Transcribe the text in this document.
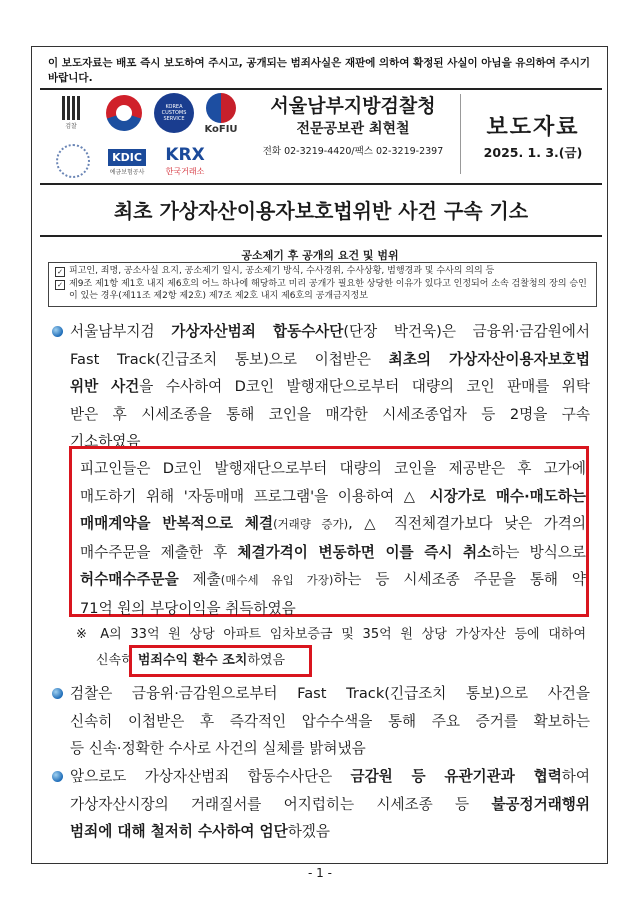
이 보도자료는 배포 즉시 보도하여 주시고, 공개되는 범죄사실은 재판에 의하여 확정된 사실이 아님을 유의하여 주시기 바랍니다.
검찰
KOREA CUSTOMS SERVICE
KoFIU
KDIC
예금보험공사
KRX
한국거래소
서울남부지방검찰청
전문공보관 최현철
전화 02-3219-4420/팩스 02-3219-2397
보도자료
2025. 1. 3.(금)
최초 가상자산이용자보호법위반 사건 구속 기소
공소제기 후 공개의 요건 및 범위
✓ 피고인, 죄명, 공소사실 요지, 공소제기 일시, 공소제기 방식, 수사경위, 수사상황, 범행경과 및 수사의 의의 등
✓ 제9조 제1항 제1호 내지 제6호의 어느 하나에 해당하고 미리 공개가 필요한 상당한 이유가 있다고 인정되어 소속 검찰청의 장의 승인이 있는 경우(제11조 제2항 제2호) 제7조 제2호 내지 제6호의 공개금지정보
서울남부지검 가상자산범죄 합동수사단(단장 박건욱)은 금융위·금감원에서
Fast Track(긴급조치 통보)으로 이첩받은 최초의 가상자산이용자보호법
위반 사건을 수사하여 D코인 발행재단으로부터 대량의 코인 판매를 위탁
받은 후 시세조종을 통해 코인을 매각한 시세조종업자 등 2명을 구속
기소하였음
피고인들은 D코인 발행재단으로부터 대량의 코인을 제공받은 후 고가에
매도하기 위해 '자동매매 프로그램'을 이용하여 △ 시장가로 매수·매도하는
매매계약을 반복적으로 체결(거래량 증가), △ 직전체결가보다 낮은 가격의
매수주문을 제출한 후 체결가격이 변동하면 이를 즉시 취소하는 방식으로
허수매수주문을 제출(매수세 유입 가장)하는 등 시세조종 주문을 통해 약
71억 원의 부당이익을 취득하였음
※ A의 33억 원 상당 아파트 임차보증금 및 35억 원 상당 가상자산 등에 대하여
신속히 범죄수익 환수 조치하였음
검찰은 금융위·금감원으로부터 Fast Track(긴급조치 통보)으로 사건을
신속히 이첩받은 후 즉각적인 압수수색을 통해 주요 증거를 확보하는
등 신속·정확한 수사로 사건의 실체를 밝혀냈음
앞으로도 가상자산범죄 합동수사단은 금감원 등 유관기관과 협력하여
가상자산시장의 거래질서를 어지럽히는 시세조종 등 불공정거래행위
범죄에 대해 철저히 수사하여 엄단하겠음
- 1 -
